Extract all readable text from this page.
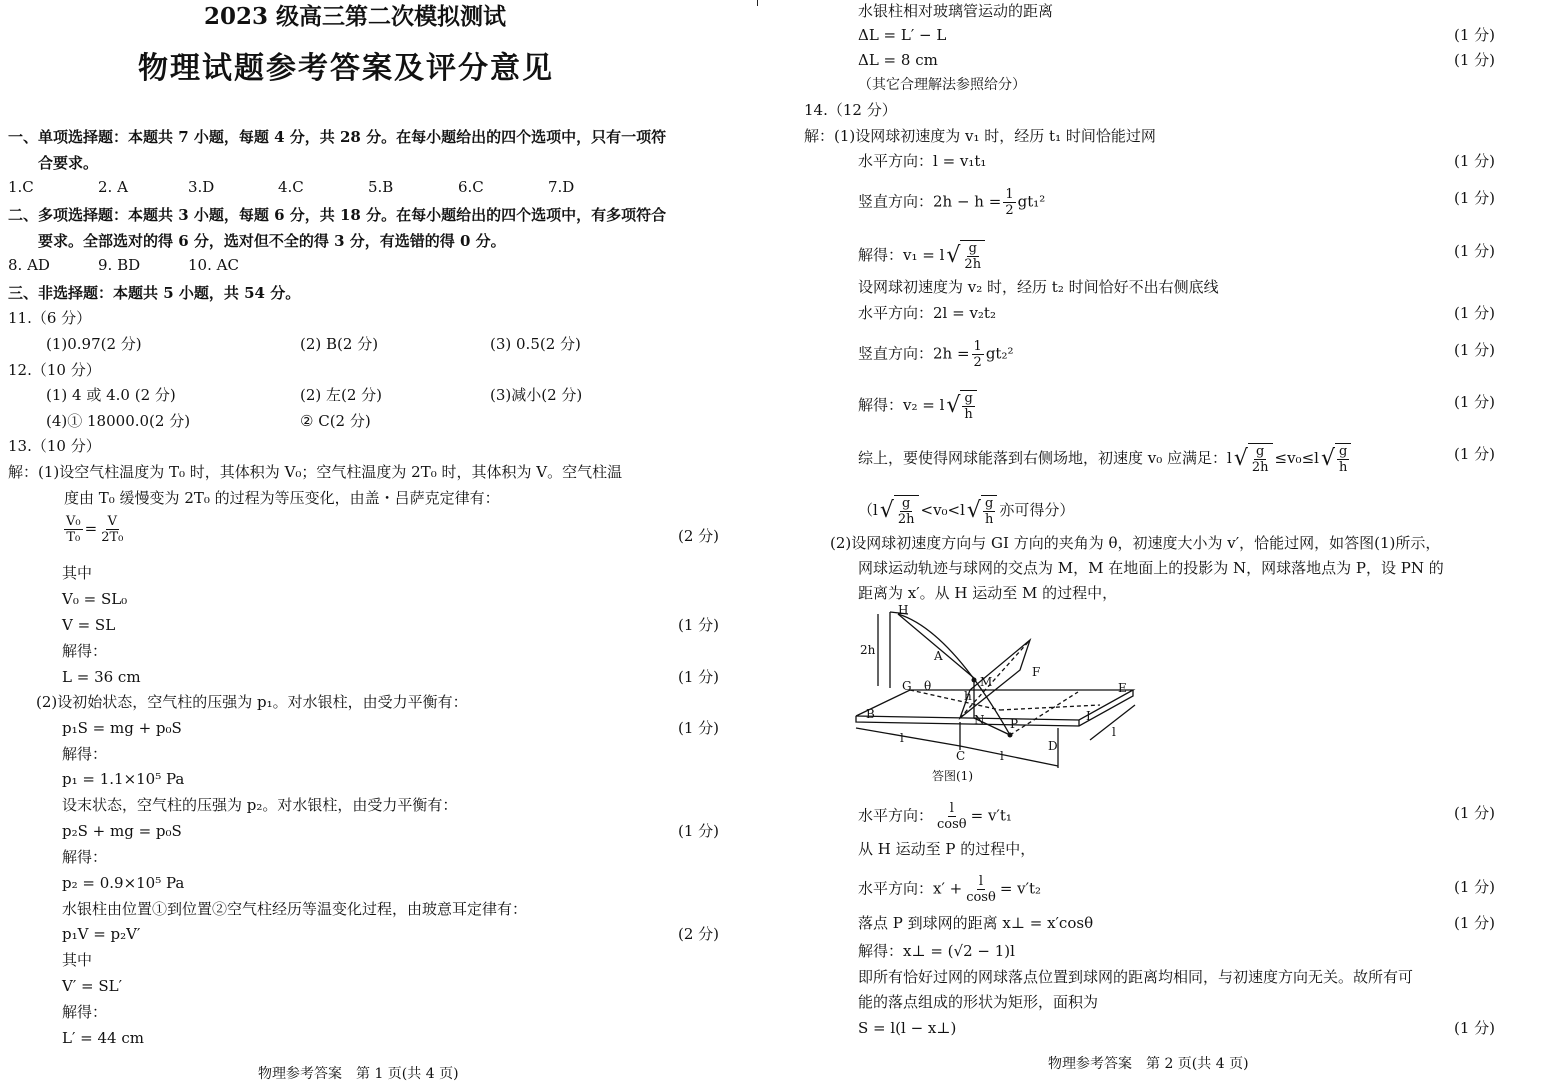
2023 级高三第二次模拟测试
物理试题参考答案及评分意见
一、单项选择题：本题共 7 小题，每题 4 分，共 28 分。在每小题给出的四个选项中，只有一项符
合要求。
1.C	2. A	3.D	4.C	5.B	6.C	7.D
二、多项选择题：本题共 3 小题，每题 6 分，共 18 分。在每小题给出的四个选项中，有多项符合
要求。全部选对的得 6 分，选对但不全的得 3 分，有选错的得 0 分。
8. AD	9. BD	10. AC
三、非选择题：本题共 5 小题，共 54 分。
11.（6 分）
(1)0.97(2 分)	(2) B(2 分)	(3) 0.5(2 分)
12.（10 分）
(1) 4 或 4.0 (2 分)	(2) 左(2 分)	(3)减小(2 分)
(4)① 18000.0(2 分)	② C(2 分)
13.（10 分）
解：(1)设空气柱温度为 T₀ 时，其体积为 V₀；空气柱温度为 2T₀ 时，其体积为 V。空气柱温
度由 T₀ 缓慢变为 2T₀ 的过程为等压变化，由盖・吕萨克定律有：
$\frac{\text{V₀}}{\text{T₀}} = \frac{V}{\text{2T₀}}$	(2 分)
其中
V₀ = SL₀
V = SL	(1 分)
解得：
L = 36 cm	(1 分)
(2)设初始状态，空气柱的压强为 p₁。对水银柱，由受力平衡有：
p₁S = mg + p₀S	(1 分)
解得：
p₁ = 1.1×10⁵ Pa
设末状态，空气柱的压强为 p₂。对水银柱，由受力平衡有：
p₂S + mg = p₀S	(1 分)
解得：
p₂ = 0.9×10⁵ Pa
水银柱由位置①到位置②空气柱经历等温变化过程，由玻意耳定律有：
p₁V = p₂V′	(2 分)
其中
V′ = SL′
解得：
L′ = 44 cm
物理参考答案　第 1 页(共 4 页)
水银柱相对玻璃管运动的距离
ΔL = L′ − L	(1 分)
ΔL = 8 cm	(1 分)
（其它合理解法参照给分）
14.（12 分）
解：(1)设网球初速度为 v₁ 时，经历 t₁ 时间恰能过网
水平方向：l = v₁t₁	(1 分)
竖直方向：$2h - h = \frac{1}{2} gt_1^2$	(1 分)
解得：v₁ = l √ $\frac{g}{2h}$	(1 分)
设网球初速度为 v₂ 时，经历 t₂ 时间恰好不出右侧底线
水平方向：2l = v₂t₂	(1 分)
竖直方向：$2h = \frac{1}{2} gt_2^2$	(1 分)
解得：v₂ = l √ $\frac{g}{h}$	(1 分)
综上，要使得网球能落到右侧场地，初速度 v₀ 应满足：l √ $\frac{g}{2h} \le v_0\le l$ √ $\frac{g}{h}$	(1 分)
（l √ $\frac{g}{2h} <v_0<l$ √ $\frac{g}{h}$ 亦可得分）
(2)设网球初速度方向与 GI 方向的夹角为 θ，初速度大小为 v′，恰能过网，如答图(1)所示，
网球运动轨迹与球网的交点为 M，M 在地面上的投影为 N，网球落地点为 P，设 PN 的
距离为 x′。从 H 运动至 M 的过程中，
H
2h	A
F
M
G θ
h
E
B	N P
I
l
C	l
D
l
答图(1)
水平方向： $\frac{l}{\cos\theta} = v't_1$	(1 分)
从 H 运动至 P 的过程中，
水平方向：$x' + \frac{l}{\cos\theta} = v't_2$	(1 分)
落点 P 到球网的距离 x⊥ = x′cosθ	(1 分)
解得：x⊥ = (√2 − 1)l
即所有恰好过网的网球落点位置到球网的距离均相同，与初速度方向无关。故所有可
能的落点组成的形状为矩形，面积为
S = l(l − x⊥)	(1 分)
物理参考答案　第 2 页(共 4 页)
